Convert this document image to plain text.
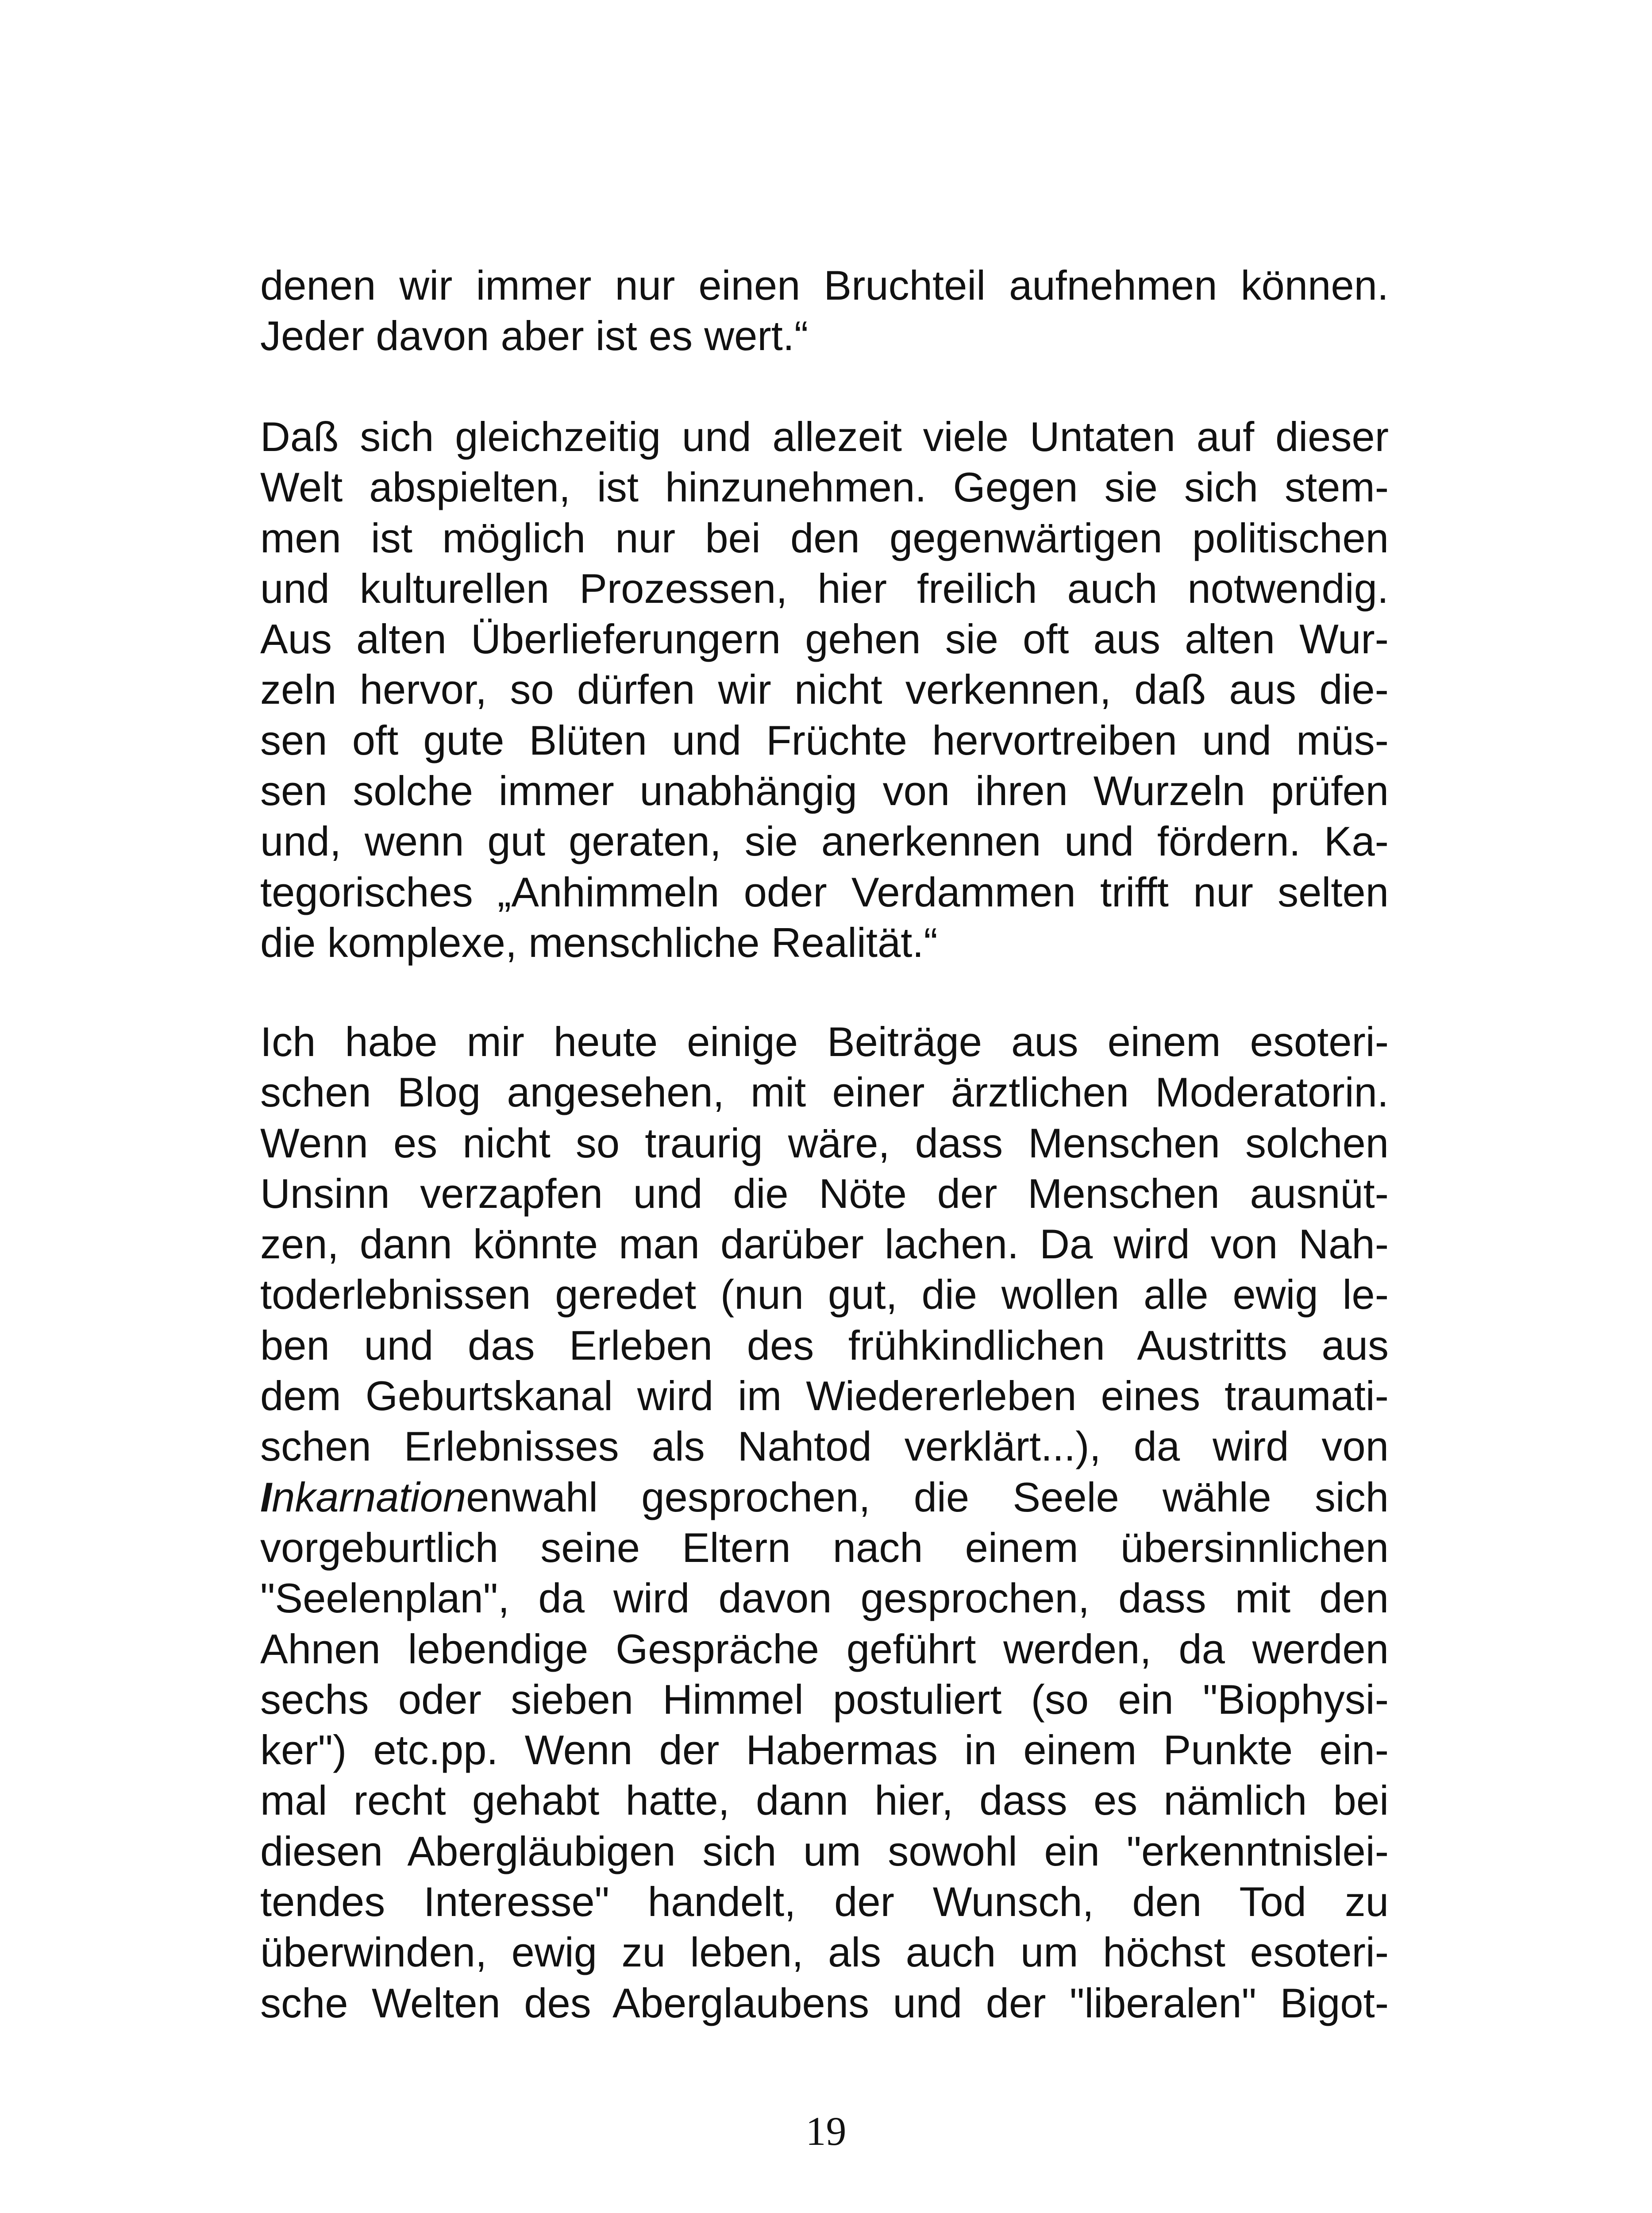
denen wir immer nur einen Bruchteil aufnehmen können.
Jeder davon aber ist es wert.“
Daß sich gleichzeitig und allezeit viele Untaten auf dieser
Welt abspielten, ist hinzunehmen. Gegen sie sich stem-
men ist möglich nur bei den gegenwärtigen politischen
und kulturellen Prozessen, hier freilich auch notwendig.
Aus alten Überlieferungern gehen sie oft aus alten Wur-
zeln hervor, so dürfen wir nicht verkennen, daß aus die-
sen oft gute Blüten und Früchte hervortreiben und müs-
sen solche immer unabhängig von ihren Wurzeln prüfen
und, wenn gut geraten, sie anerkennen und fördern. Ka-
tegorisches „Anhimmeln oder Verdammen trifft nur selten
die komplexe, menschliche Realität.“
Ich habe mir heute einige Beiträge aus einem esoteri-
schen Blog angesehen, mit einer ärztlichen Moderatorin.
Wenn es nicht so traurig wäre, dass Menschen solchen
Unsinn verzapfen und die Nöte der Menschen ausnüt-
zen, dann könnte man darüber lachen. Da wird von Nah-
toderlebnissen geredet (nun gut, die wollen alle ewig le-
ben und das Erleben des frühkindlichen Austritts aus
dem Geburtskanal wird im Wiedererleben eines traumati-
schen Erlebnisses als Nahtod verklärt...), da wird von
Inkarnationenwahl gesprochen, die Seele wähle sich
vorgeburtlich seine Eltern nach einem übersinnlichen
"Seelenplan", da wird davon gesprochen, dass mit den
Ahnen lebendige Gespräche geführt werden, da werden
sechs oder sieben Himmel postuliert (so ein "Biophysi-
ker") etc.pp. Wenn der Habermas in einem Punkte ein-
mal recht gehabt hatte, dann hier, dass es nämlich bei
diesen Abergläubigen sich um sowohl ein "erkenntnislei-
tendes Interesse" handelt, der Wunsch, den Tod zu
überwinden, ewig zu leben, als auch um höchst esoteri-
sche Welten des Aberglaubens und der "liberalen" Bigot-
19
